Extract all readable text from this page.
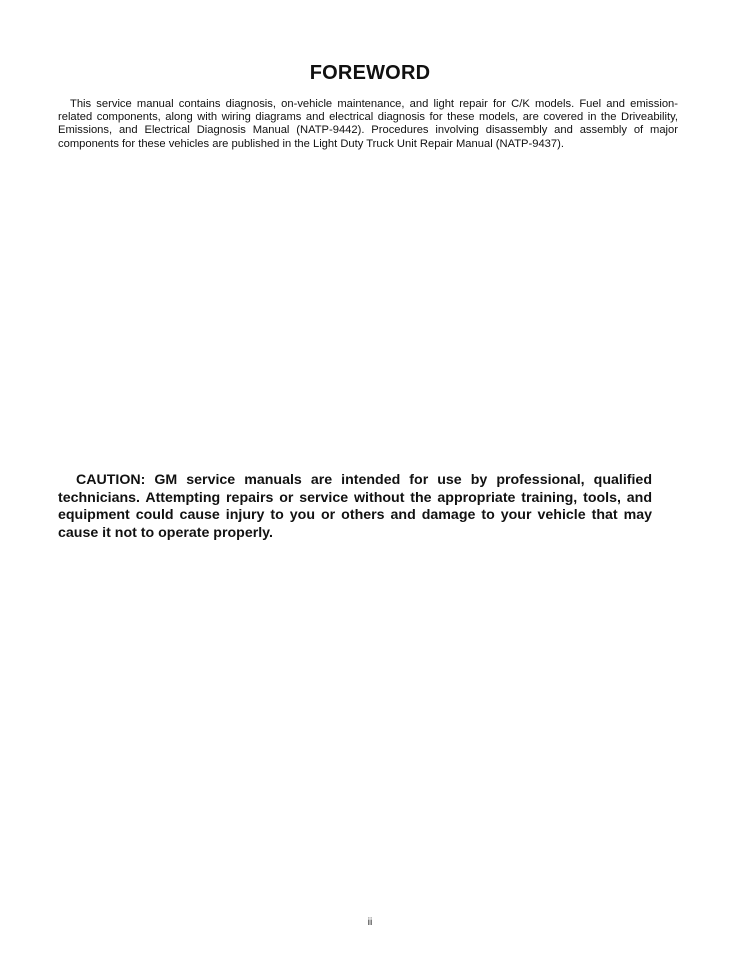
FOREWORD

This service manual contains diagnosis, on-vehicle maintenance, and light repair for C/K models. Fuel and emission-related components, along with wiring diagrams and electrical diagnosis for these models, are covered in the Driveability, Emissions, and Electrical Diagnosis Manual (NATP-9442). Procedures involving disassembly and assembly of major components for these vehicles are published in the Light Duty Truck Unit Repair Manual (NATP-9437).

CAUTION: GM service manuals are intended for use by professional, qualified technicians. Attempting repairs or service without the appropriate training, tools, and equipment could cause injury to you or others and damage to your vehicle that may cause it not to operate properly.

ii
